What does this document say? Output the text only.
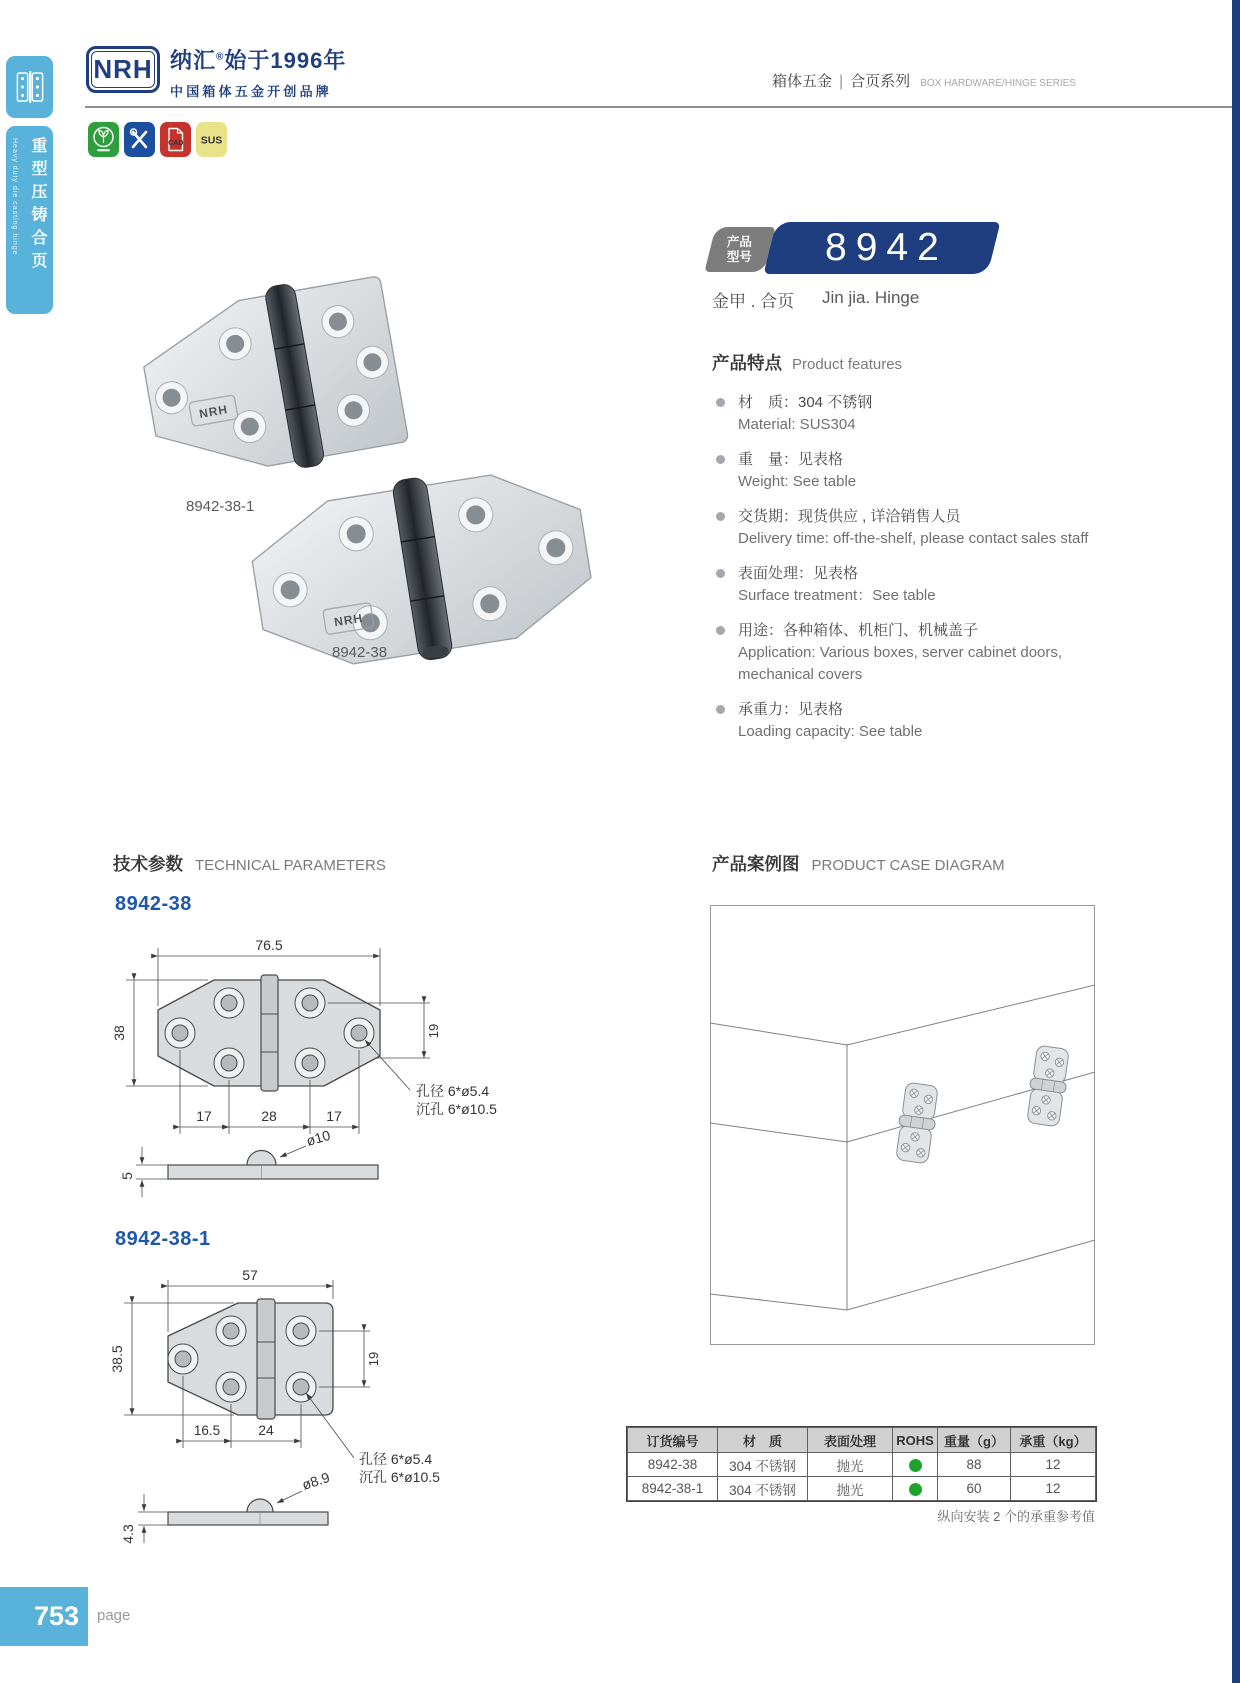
Heavy duty die casting hinge 重型压铸合页
NRH 纳汇®始于1996年
中国箱体五金开创品牌
箱体五金 | 合页系列 BOX HARDWARE/HINGE SERIES
CAD SUS
NRH
8942-38-1
NRH
8942-38
产品
型号 8942
金甲 . 合页 Jin jia. Hinge
产品特点 Product features
材　质：304 不锈钢
Material: SUS304
重　量：见表格
Weight: See table
交货期：现货供应 , 详洽销售人员
Delivery time: off-the-shelf, please contact sales staff
表面处理：见表格
Surface treatment：See table
用途：各种箱体、机柜门、机械盖子
Application: Various boxes, server cabinet doors, mechanical covers
承重力：见表格
Loading capacity: See table
技术参数 TECHNICAL PARAMETERS	产品案例图 PRODUCT CASE DIAGRAM
8942-38
76.5
38	19
17	28	17
孔径 6*ø5.4
沉孔 6*ø10.5
ø10
5
8942-38-1
57
38.5	19
16.5	24
孔径 6*ø5.4
沉孔 6*ø10.5
ø8.9
4.3
订货编号	材　质	表面处理	ROHS	重量（g）	承重（kg）
8942-38	304 不锈钢	抛光		88	12
8942-38-1	304 不锈钢	抛光		60	12
纵向安装 2 个的承重参考值
753 page
